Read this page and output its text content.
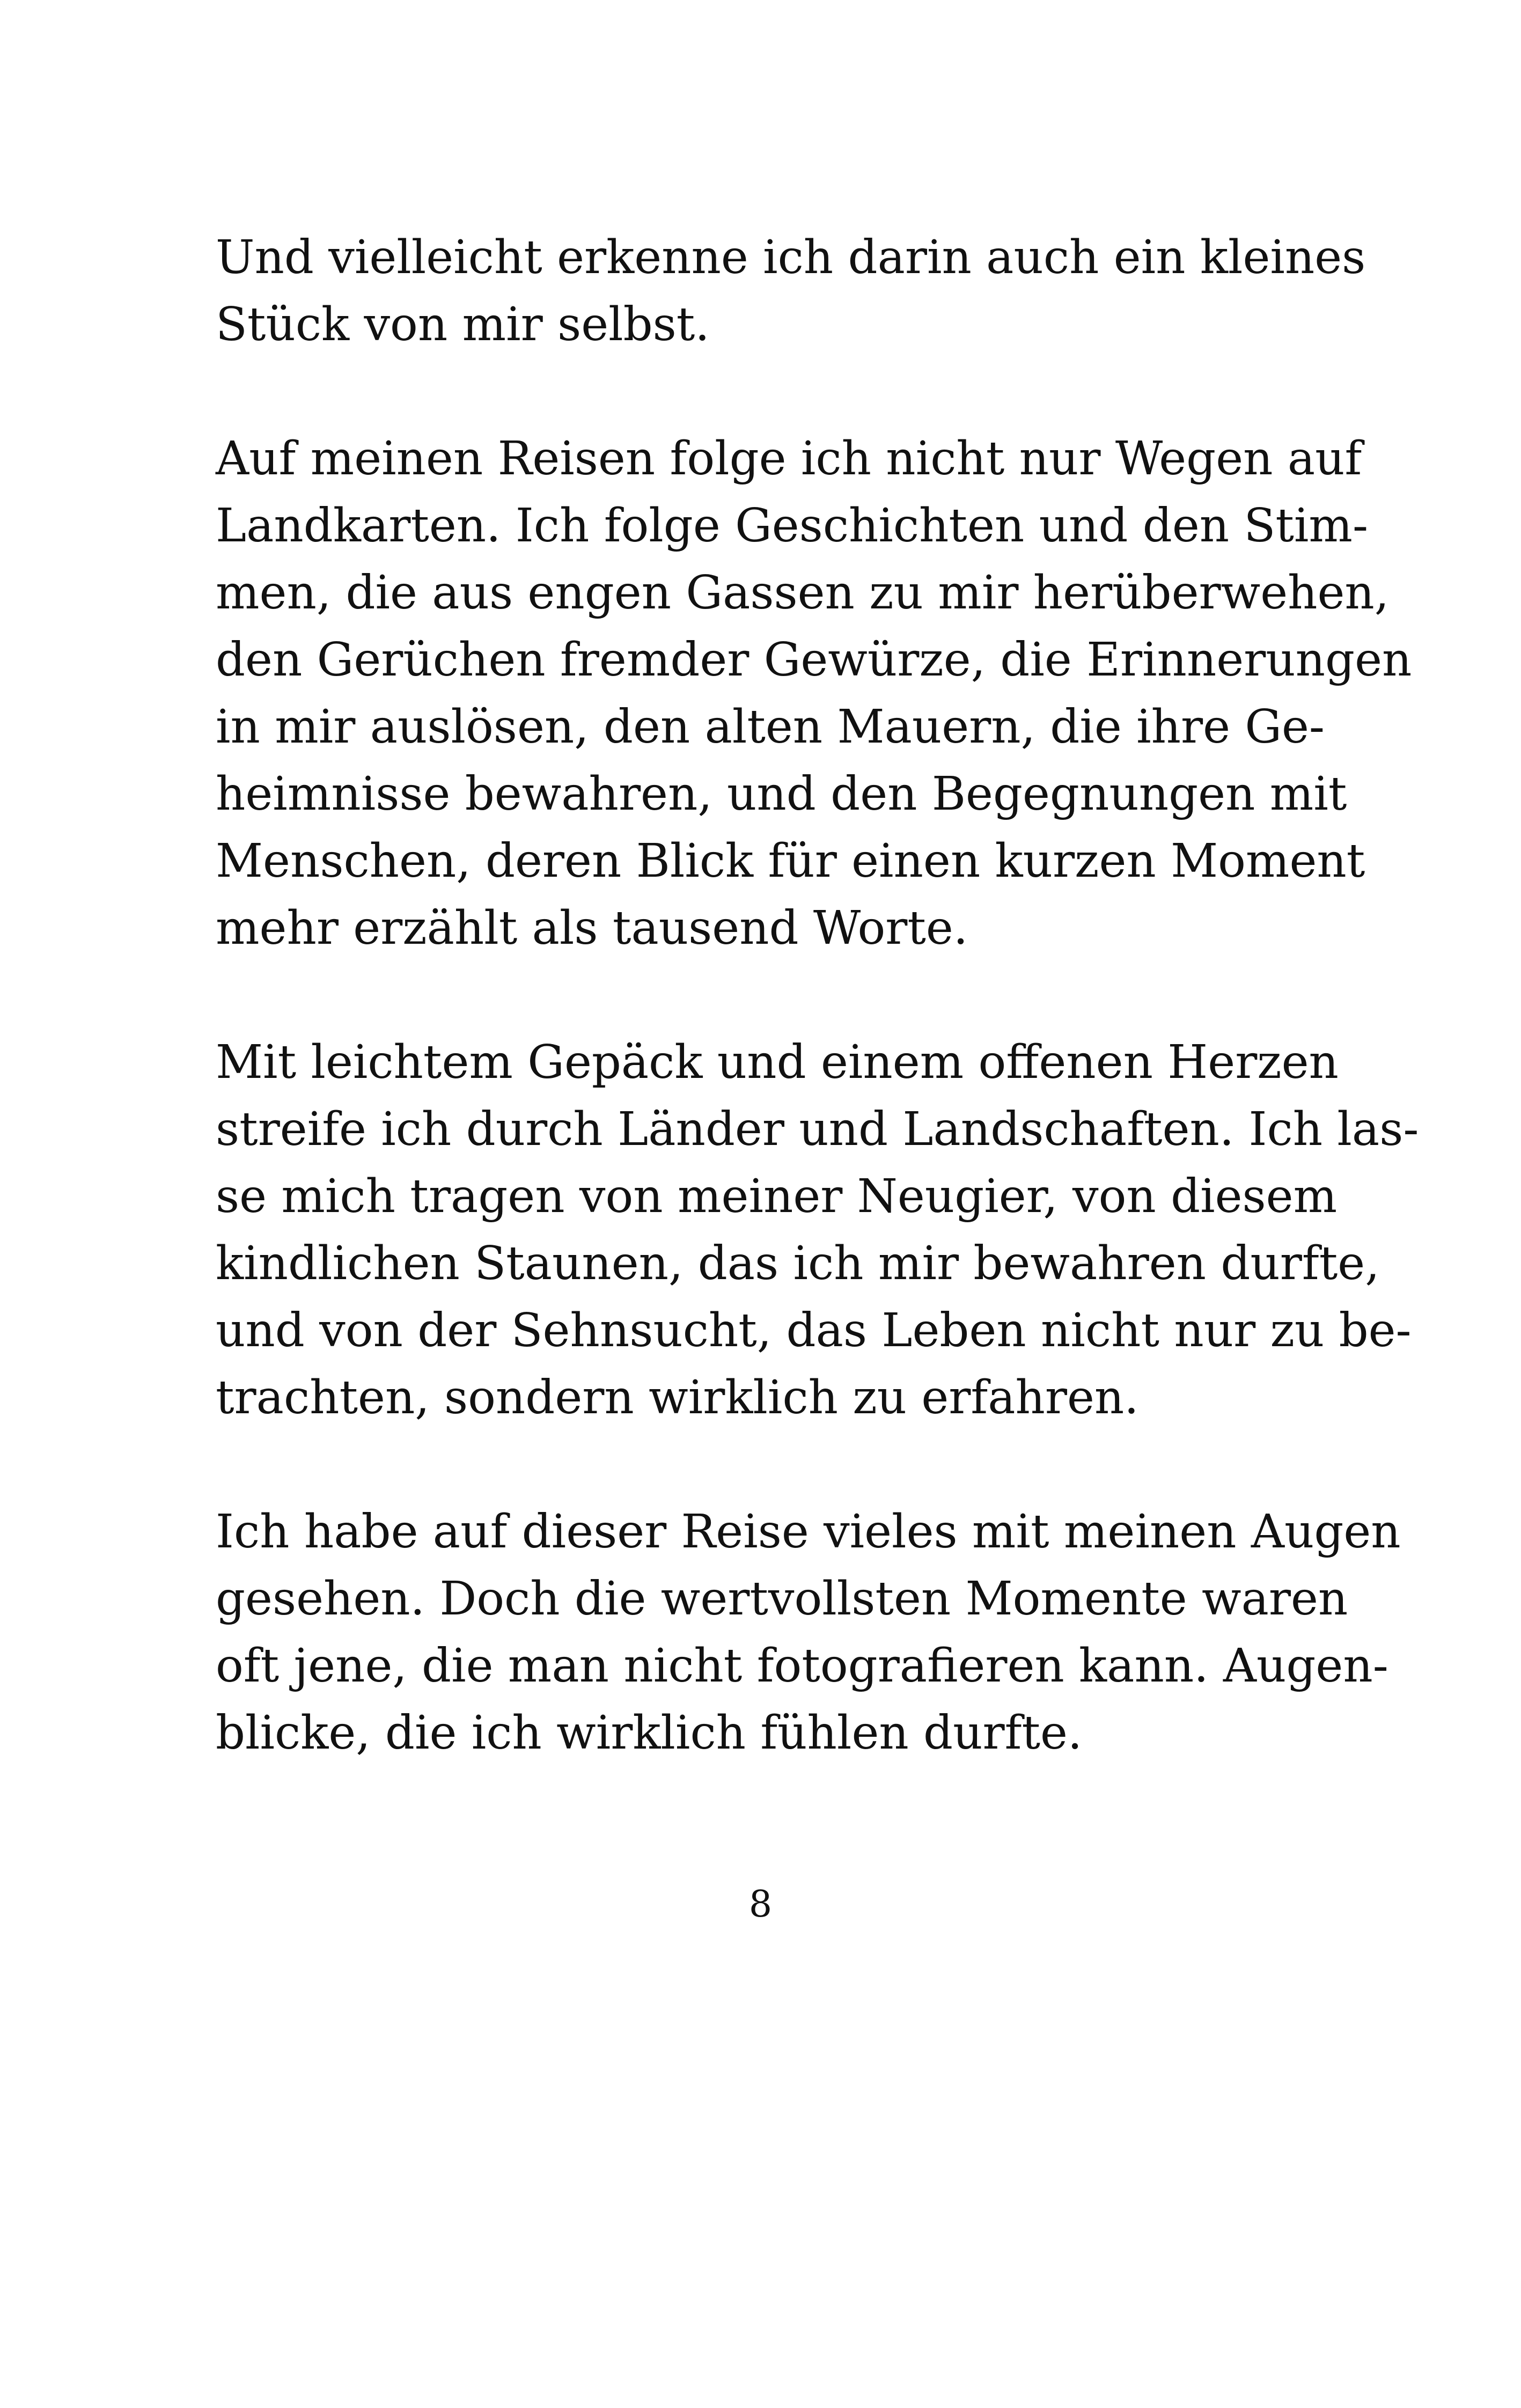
Und vielleicht erkenne ich darin auch ein kleines
Stück von mir selbst.

Auf meinen Reisen folge ich nicht nur Wegen auf
Landkarten. Ich folge Geschichten und den Stim-
men, die aus engen Gassen zu mir herüberwehen,
den Gerüchen fremder Gewürze, die Erinnerungen
in mir auslösen, den alten Mauern, die ihre Ge-
heimnisse bewahren, und den Begegnungen mit
Menschen, deren Blick für einen kurzen Moment
mehr erzählt als tausend Worte.

Mit leichtem Gepäck und einem offenen Herzen
streife ich durch Länder und Landschaften. Ich las-
se mich tragen von meiner Neugier, von diesem
kindlichen Staunen, das ich mir bewahren durfte,
und von der Sehnsucht, das Leben nicht nur zu be-
trachten, sondern wirklich zu erfahren.

Ich habe auf dieser Reise vieles mit meinen Augen
gesehen. Doch die wertvollsten Momente waren
oft jene, die man nicht fotografieren kann. Augen-
blicke, die ich wirklich fühlen durfte.

8
